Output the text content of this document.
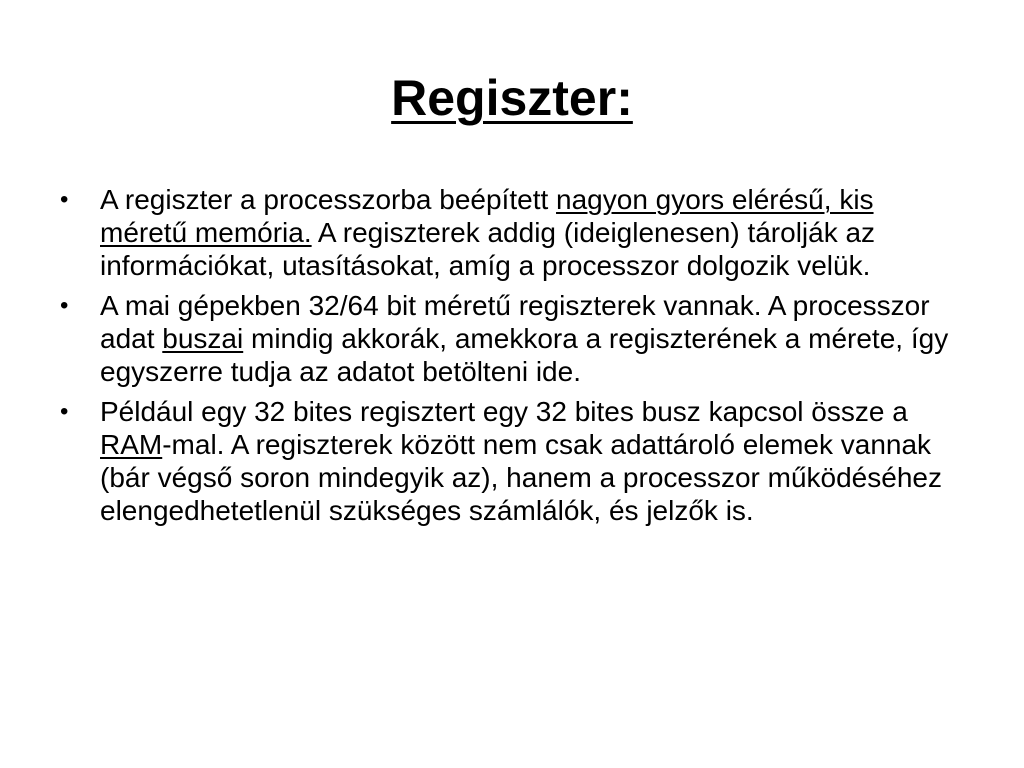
Regiszter:
•	A regiszter a processzorba beépített nagyon gyors elérésű, kis méretű memória. A regiszterek addig (ideiglenesen) tárolják az információkat, utasításokat, amíg a processzor dolgozik velük.
•	A mai gépekben 32/64 bit méretű regiszterek vannak. A processzor adat buszai mindig akkorák, amekkora a regiszterének a mérete, így egyszerre tudja az adatot betölteni ide.
•	Például egy 32 bites regisztert egy 32 bites busz kapcsol össze a RAM-mal. A regiszterek között nem csak adattároló elemek vannak (bár végső soron mindegyik az), hanem a processzor működéséhez elengedhetetlenül szükséges számlálók, és jelzők is.
